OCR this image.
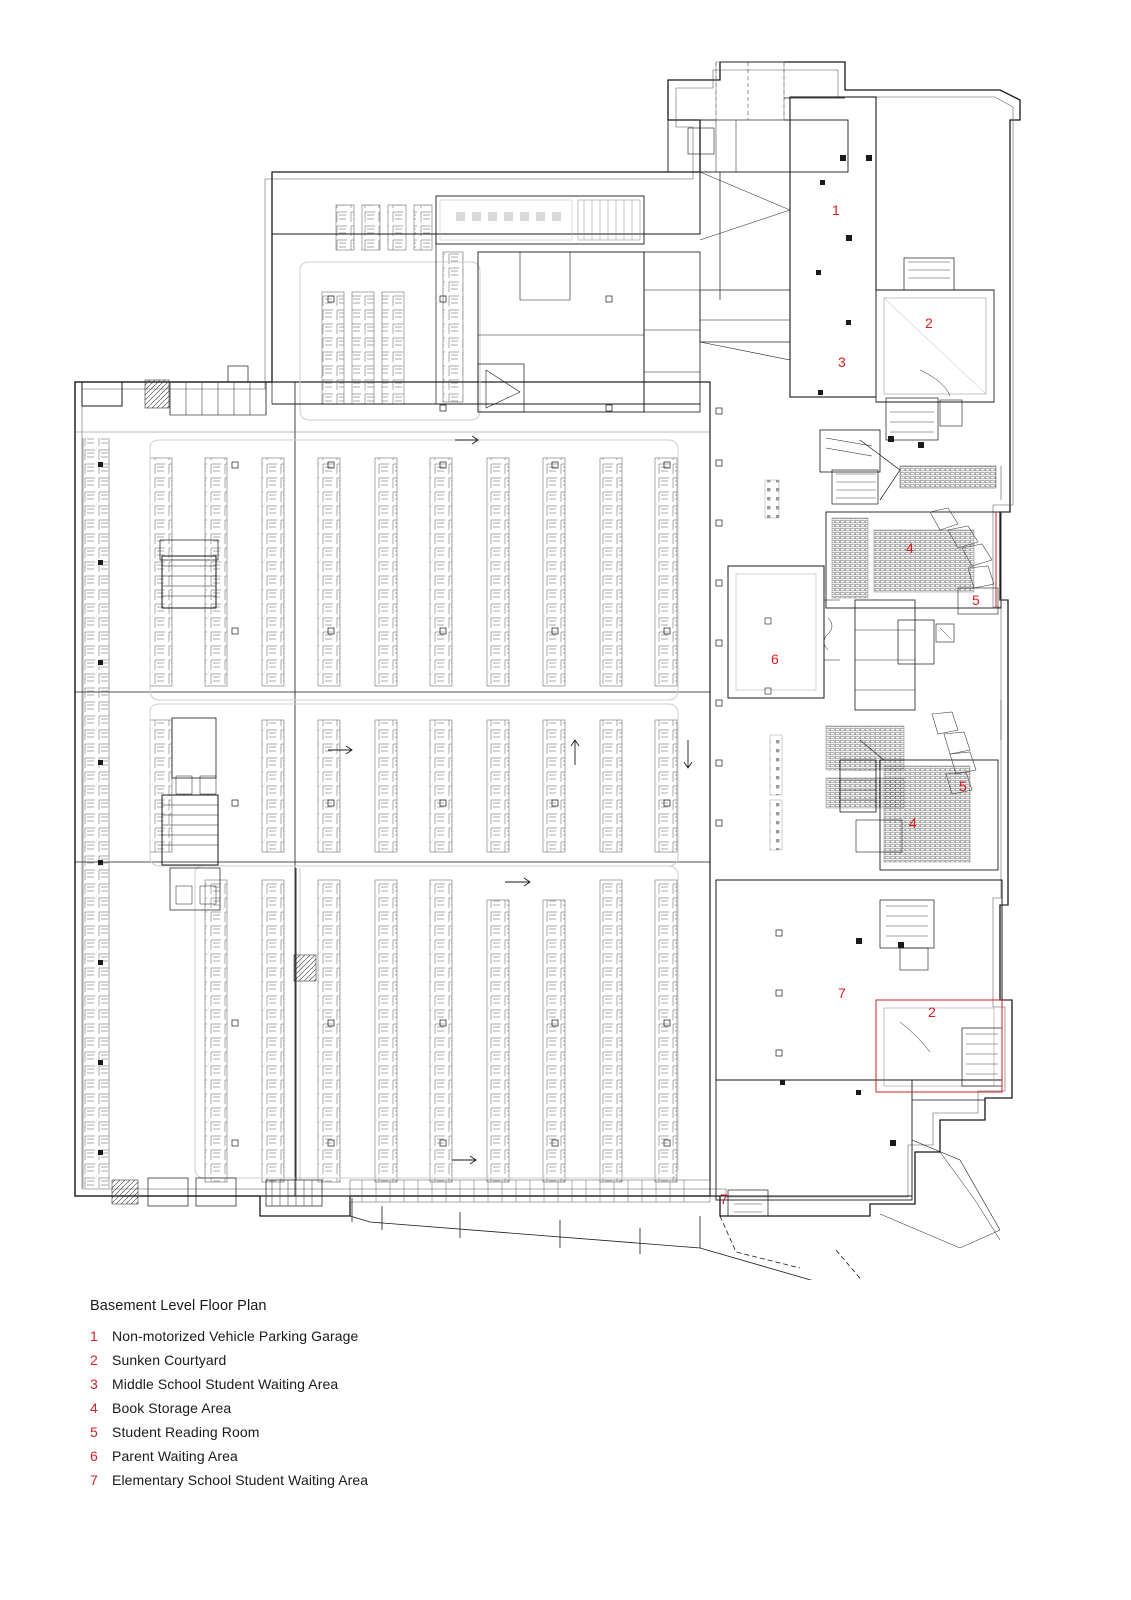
1
2
3
4
5
6
5
4
7
2
7
Basement Level Floor Plan
1	Non-motorized Vehicle Parking Garage
2	Sunken Courtyard
3	Middle School Student Waiting Area
4	Book Storage Area
5	Student Reading Room
6	Parent Waiting Area
7	Elementary School Student Waiting Area
